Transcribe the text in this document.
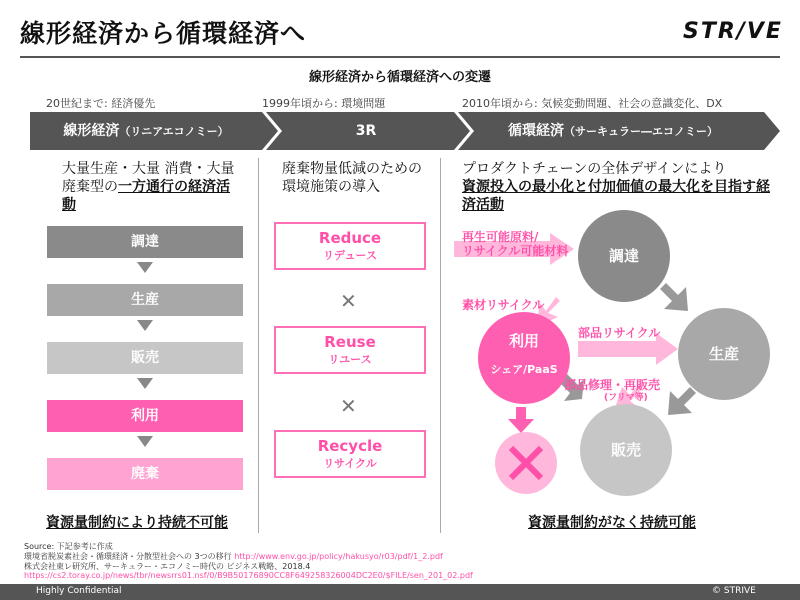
線形経済から循環経済へ	STR/VE
線形経済から循環経済への変遷
20世紀まで: 経済優先	1999年頃から: 環境問題	2010年頃から: 気候変動問題、社会の意識変化、DX
線形経済（リニアエコノミー）	3R	循環経済（サーキュラー―エコノミー）
大量生産・大量 消費・大量廃棄型の一方通行の経済活動
調達
生産
販売
利用
廃棄
資源量制約により持続不可能
廃棄物量低減のための環境施策の導入
Reduce
リデュース
✕
Reuse
リユース
✕
Recycle
リサイクル
プロダクトチェーンの全体デザインにより
資源投入の最小化と付加価値の最大化を目指す経済活動
調達
生産
販売
利用
シェア/PaaS
再生可能原料/
リサイクル可能材料
素材リサイクル
部品リサイクル
部品修理・再販売
(フリマ等)
資源量制約がなく持続可能
Source: 下記参考に作成
環境省脱炭素社会・循環経済・分散型社会への 3つの移行 http://www.env.go.jp/policy/hakusyo/r03/pdf/1_2.pdf
株式会社東レ研究所、サーキュラー・エコノミー時代の ビジネス戦略、2018.4
https://cs2.toray.co.jp/news/tbr/newsrrs01.nsf/0/B9B50176890CC8F649258326004DC2E0/$FILE/sen_201_02.pdf
Highly Confidential	© STRIVE
